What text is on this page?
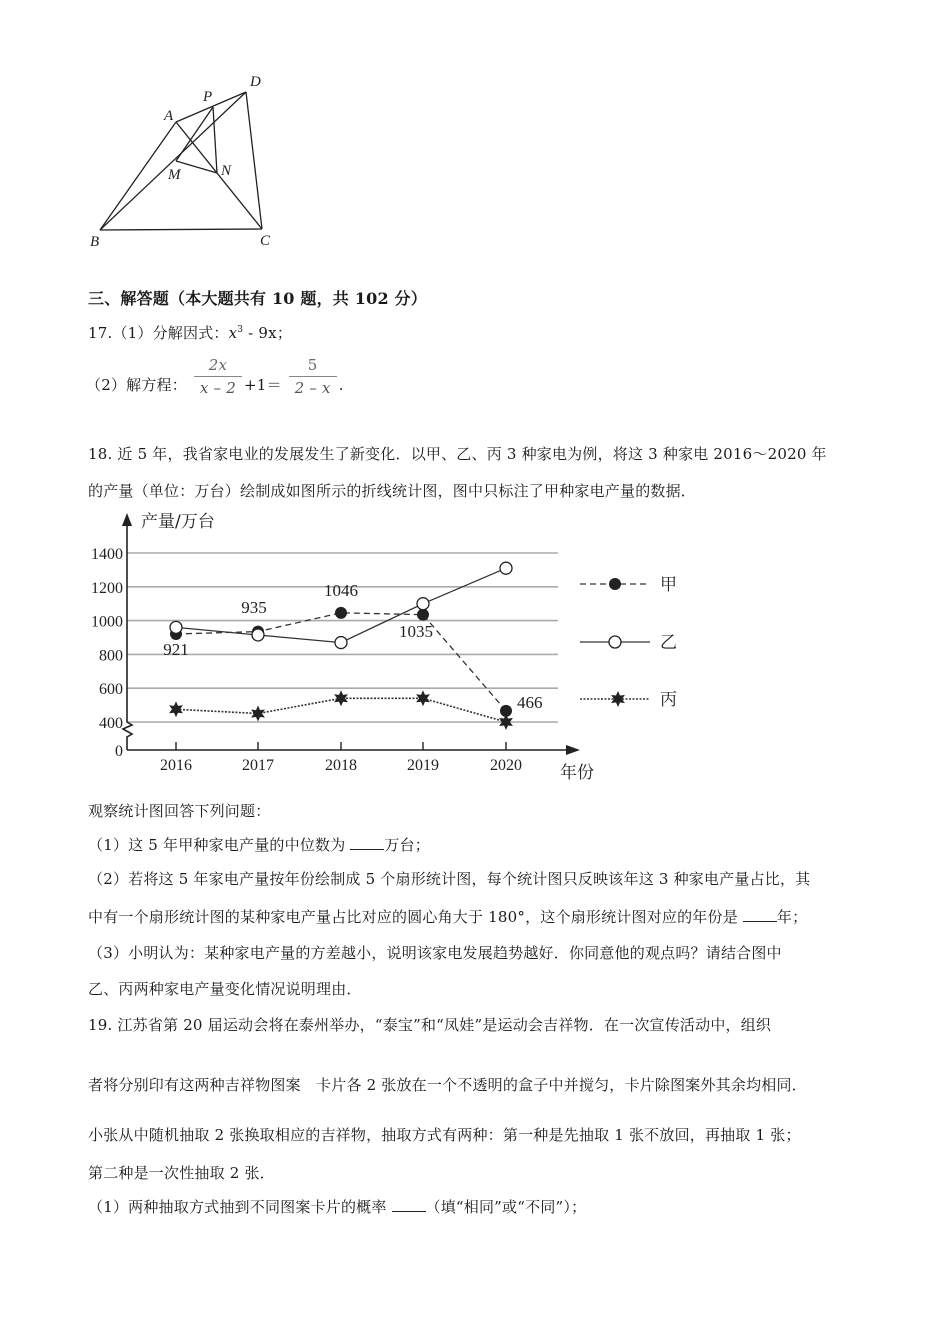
A
P
D
M	N
B	C
三、解答题（本大题共有 10 题，共 102 分）
17.（1）分解因式：$x^3 - 9x$；
（2）解方程： $\frac{2x}{x - 2} +1= \frac{5}{2 - x}$ .
18. 近 5 年，我省家电业的发展发生了新变化．以甲、乙、丙 3 种家电为例，将这 3 种家电 2016～2020 年
的产量（单位：万台）绘制成如图所示的折线统计图，图中只标注了甲种家电产量的数据．
400
600
800
1000
1200
1400
0
产量/万台
年份
2016	2017	2018	2019	2020
921
935
1046
1035
466
甲
乙
丙
观察统计图回答下列问题：
（1）这 5 年甲种家电产量的中位数为	万台；
（2）若将这 5 年家电产量按年份绘制成 5 个扇形统计图，每个统计图只反映该年这 3 种家电产量占比，其
中有一个扇形统计图的某种家电产量占比对应的圆心角大于 180°，这个扇形统计图对应的年份是	年；
（3）小明认为：某种家电产量的方差越小，说明该家电发展趋势越好．你同意他的观点吗？请结合图中
乙、丙两种家电产量变化情况说明理由．
19. 江苏省第 20 届运动会将在泰州举办，“泰宝”和“凤娃”是运动会吉祥物．在一次宣传活动中，组织
者将分别印有这两种吉祥物图案　卡片各 2 张放在一个不透明的盒子中并搅匀，卡片除图案外其余均相同．
小张从中随机抽取 2 张换取相应的吉祥物，抽取方式有两种：第一种是先抽取 1 张不放回，再抽取 1 张；
第二种是一次性抽取 2 张．
（1）两种抽取方式抽到不同图案卡片的概率	（填“相同”或“不同”）；
